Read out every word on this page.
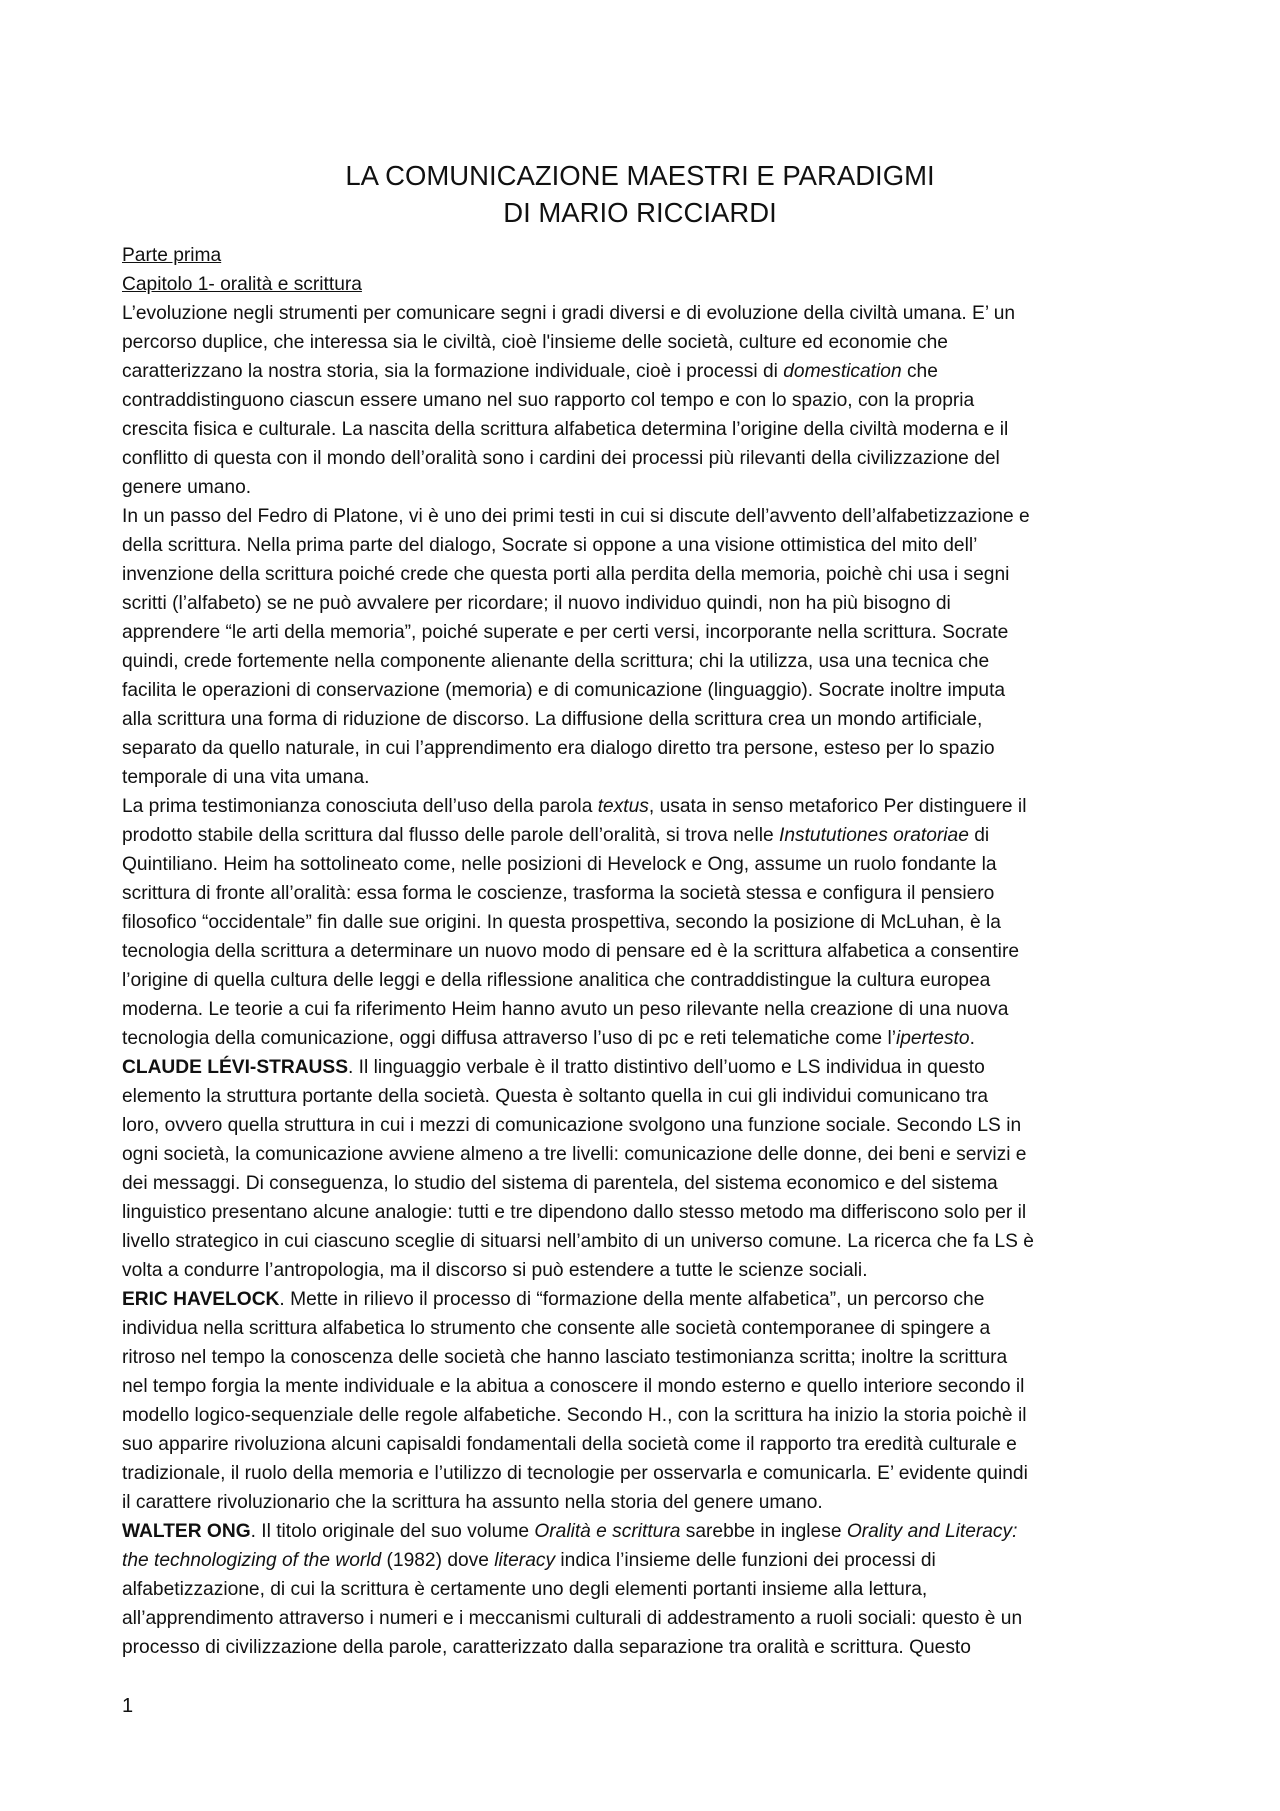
LA COMUNICAZIONE MAESTRI E PARADIGMI
DI MARIO RICCIARDI
Parte prima
Capitolo 1- oralità e scrittura
L’evoluzione negli strumenti per comunicare segni i gradi diversi e di evoluzione della civiltà umana. E’ un
percorso duplice, che interessa sia le civiltà, cioè l'insieme delle società, culture ed economie che
caratterizzano la nostra storia, sia la formazione individuale, cioè i processi di domestication che
contraddistinguono ciascun essere umano nel suo rapporto col tempo e con lo spazio, con la propria
crescita fisica e culturale. La nascita della scrittura alfabetica determina l’origine della civiltà moderna e il
conflitto di questa con il mondo dell’oralità sono i cardini dei processi più rilevanti della civilizzazione del
genere umano.
In un passo del Fedro di Platone, vi è uno dei primi testi in cui si discute dell’avvento dell’alfabetizzazione e
della scrittura. Nella prima parte del dialogo, Socrate si oppone a una visione ottimistica del mito dell’
invenzione della scrittura poiché crede che questa porti alla perdita della memoria, poichè chi usa i segni
scritti (l’alfabeto) se ne può avvalere per ricordare; il nuovo individuo quindi, non ha più bisogno di
apprendere “le arti della memoria”, poiché superate e per certi versi, incorporante nella scrittura. Socrate
quindi, crede fortemente nella componente alienante della scrittura; chi la utilizza, usa una tecnica che
facilita le operazioni di conservazione (memoria) e di comunicazione (linguaggio). Socrate inoltre imputa
alla scrittura una forma di riduzione de discorso. La diffusione della scrittura crea un mondo artificiale,
separato da quello naturale, in cui l’apprendimento era dialogo diretto tra persone, esteso per lo spazio
temporale di una vita umana.
La prima testimonianza conosciuta dell’uso della parola textus, usata in senso metaforico Per distinguere il
prodotto stabile della scrittura dal flusso delle parole dell’oralità, si trova nelle Instututiones oratoriae di
Quintiliano. Heim ha sottolineato come, nelle posizioni di Hevelock e Ong, assume un ruolo fondante la
scrittura di fronte all’oralità: essa forma le coscienze, trasforma la società stessa e configura il pensiero
filosofico “occidentale” fin dalle sue origini. In questa prospettiva, secondo la posizione di McLuhan, è la
tecnologia della scrittura a determinare un nuovo modo di pensare ed è la scrittura alfabetica a consentire
l’origine di quella cultura delle leggi e della riflessione analitica che contraddistingue la cultura europea
moderna. Le teorie a cui fa riferimento Heim hanno avuto un peso rilevante nella creazione di una nuova
tecnologia della comunicazione, oggi diffusa attraverso l’uso di pc e reti telematiche come l’ipertesto.
CLAUDE LÉVI-STRAUSS. Il linguaggio verbale è il tratto distintivo dell’uomo e LS individua in questo
elemento la struttura portante della società. Questa è soltanto quella in cui gli individui comunicano tra
loro, ovvero quella struttura in cui i mezzi di comunicazione svolgono una funzione sociale. Secondo LS in
ogni società, la comunicazione avviene almeno a tre livelli: comunicazione delle donne, dei beni e servizi e
dei messaggi. Di conseguenza, lo studio del sistema di parentela, del sistema economico e del sistema
linguistico presentano alcune analogie: tutti e tre dipendono dallo stesso metodo ma differiscono solo per il
livello strategico in cui ciascuno sceglie di situarsi nell’ambito di un universo comune. La ricerca che fa LS è
volta a condurre l’antropologia, ma il discorso si può estendere a tutte le scienze sociali.
ERIC HAVELOCK. Mette in rilievo il processo di “formazione della mente alfabetica”, un percorso che
individua nella scrittura alfabetica lo strumento che consente alle società contemporanee di spingere a
ritroso nel tempo la conoscenza delle società che hanno lasciato testimonianza scritta; inoltre la scrittura
nel tempo forgia la mente individuale e la abitua a conoscere il mondo esterno e quello interiore secondo il
modello logico-sequenziale delle regole alfabetiche. Secondo H., con la scrittura ha inizio la storia poichè il
suo apparire rivoluziona alcuni capisaldi fondamentali della società come il rapporto tra eredità culturale e
tradizionale, il ruolo della memoria e l’utilizzo di tecnologie per osservarla e comunicarla. E’ evidente quindi
il carattere rivoluzionario che la scrittura ha assunto nella storia del genere umano.
WALTER ONG. Il titolo originale del suo volume Oralità e scrittura sarebbe in inglese Orality and Literacy:
the technologizing of the world (1982) dove literacy indica l’insieme delle funzioni dei processi di
alfabetizzazione, di cui la scrittura è certamente uno degli elementi portanti insieme alla lettura,
all’apprendimento attraverso i numeri e i meccanismi culturali di addestramento a ruoli sociali: questo è un
processo di civilizzazione della parole, caratterizzato dalla separazione tra oralità e scrittura. Questo
1
